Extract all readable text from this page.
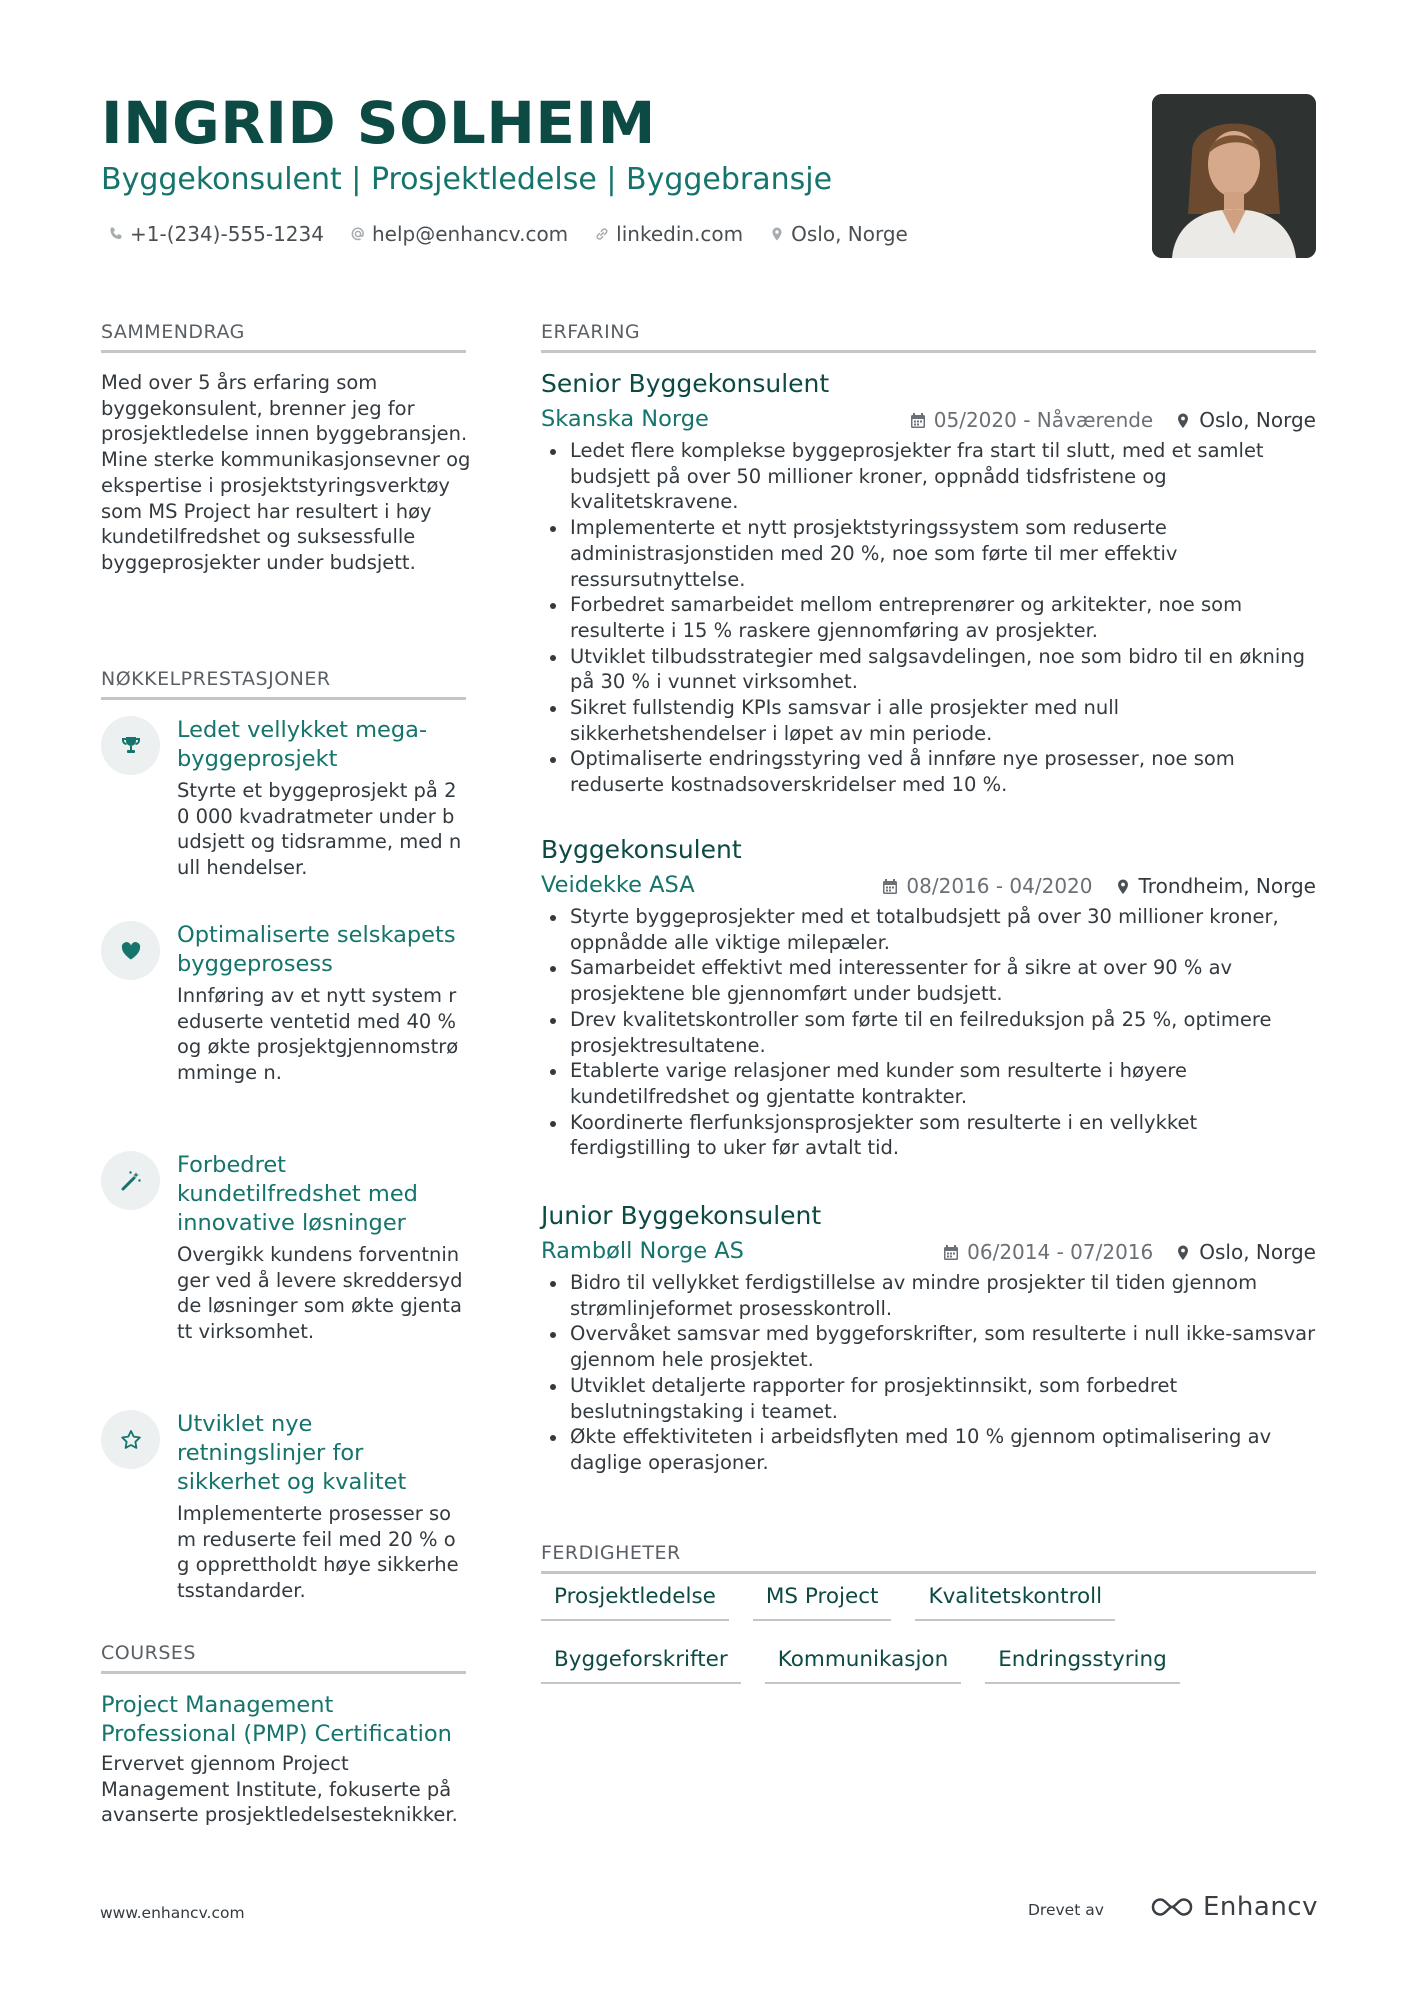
INGRID SOLHEIM
Byggekonsulent | Prosjektledelse | Byggebransje
+1-(234)-555-1234 help@enhancv.com linkedin.com Oslo, Norge
SAMMENDRAG

Med over 5 års erfaring som byggekonsulent, brenner jeg for prosjektledelse innen byggebransjen. Mine sterke kommunikasjonsevner og ekspertise i prosjektstyringsverktøy som MS Project har resultert i høy kundetilfredshet og suksessfulle byggeprosjekter under budsjett.

NØKKELPRESTASJONER
Ledet vellykket mega-byggeprosjekt

Styrte et byggeprosjekt på 20 000 kvadratmeter under budsjett og tidsramme, med null hendelser.

Optimaliserte selskapets byggeprosess

Innføring av et nytt system reduserte ventetid med 40 % og økte prosjektgjennomstrømminge n.

Forbedret kundetilfredshet med innovative løsninger

Overgikk kundens forventninger ved å levere skreddersydde løsninger som økte gjentatt virksomhet.

Utviklet nye retningslinjer for sikkerhet og kvalitet

Implementerte prosesser som reduserte feil med 20 % og opprettholdt høye sikkerhetsstandarder.

COURSES
Project Management Professional (PMP) Certification

Ervervet gjennom Project Management Institute, fokuserte på avanserte prosjektledelsesteknikker.

ERFARING
Senior Byggekonsulent
Skanska Norge	05/2020 - Nåværende Oslo, Norge
Ledet flere komplekse byggeprosjekter fra start til slutt, med et samlet budsjett på over 50 millioner kroner, oppnådd tidsfristene og kvalitetskravene.
Implementerte et nytt prosjektstyringssystem som reduserte administrasjonstiden med 20 %, noe som førte til mer effektiv ressursutnyttelse.
Forbedret samarbeidet mellom entreprenører og arkitekter, noe som resulterte i 15 % raskere gjennomføring av prosjekter.
Utviklet tilbudsstrategier med salgsavdelingen, noe som bidro til en økning på 30 % i vunnet virksomhet.
Sikret fullstendig KPIs samsvar i alle prosjekter med null sikkerhetshendelser i løpet av min periode.
Optimaliserte endringsstyring ved å innføre nye prosesser, noe som reduserte kostnadsoverskridelser med 10 %.
Byggekonsulent
Veidekke ASA	08/2016 - 04/2020 Trondheim, Norge
Styrte byggeprosjekter med et totalbudsjett på over 30 millioner kroner, oppnådde alle viktige milepæler.
Samarbeidet effektivt med interessenter for å sikre at over 90 % av prosjektene ble gjennomført under budsjett.
Drev kvalitetskontroller som førte til en feilreduksjon på 25 %, optimere prosjektresultatene.
Etablerte varige relasjoner med kunder som resulterte i høyere kundetilfredshet og gjentatte kontrakter.
Koordinerte flerfunksjonsprosjekter som resulterte i en vellykket ferdigstilling to uker før avtalt tid.
Junior Byggekonsulent
Rambøll Norge AS	06/2014 - 07/2016 Oslo, Norge
Bidro til vellykket ferdigstillelse av mindre prosjekter til tiden gjennom strømlinjeformet prosesskontroll.
Overvåket samsvar med byggeforskrifter, som resulterte i null ikke-samsvar gjennom hele prosjektet.
Utviklet detaljerte rapporter for prosjektinnsikt, som forbedret beslutningstaking i teamet.
Økte effektiviteten i arbeidsflyten med 10 % gjennom optimalisering av daglige operasjoner.
FERDIGHETER
Prosjektledelse	MS Project	Kvalitetskontroll
Byggeforskrifter	Kommunikasjon	Endringsstyring
www.enhancv.com	Drevet av	Enhancv
